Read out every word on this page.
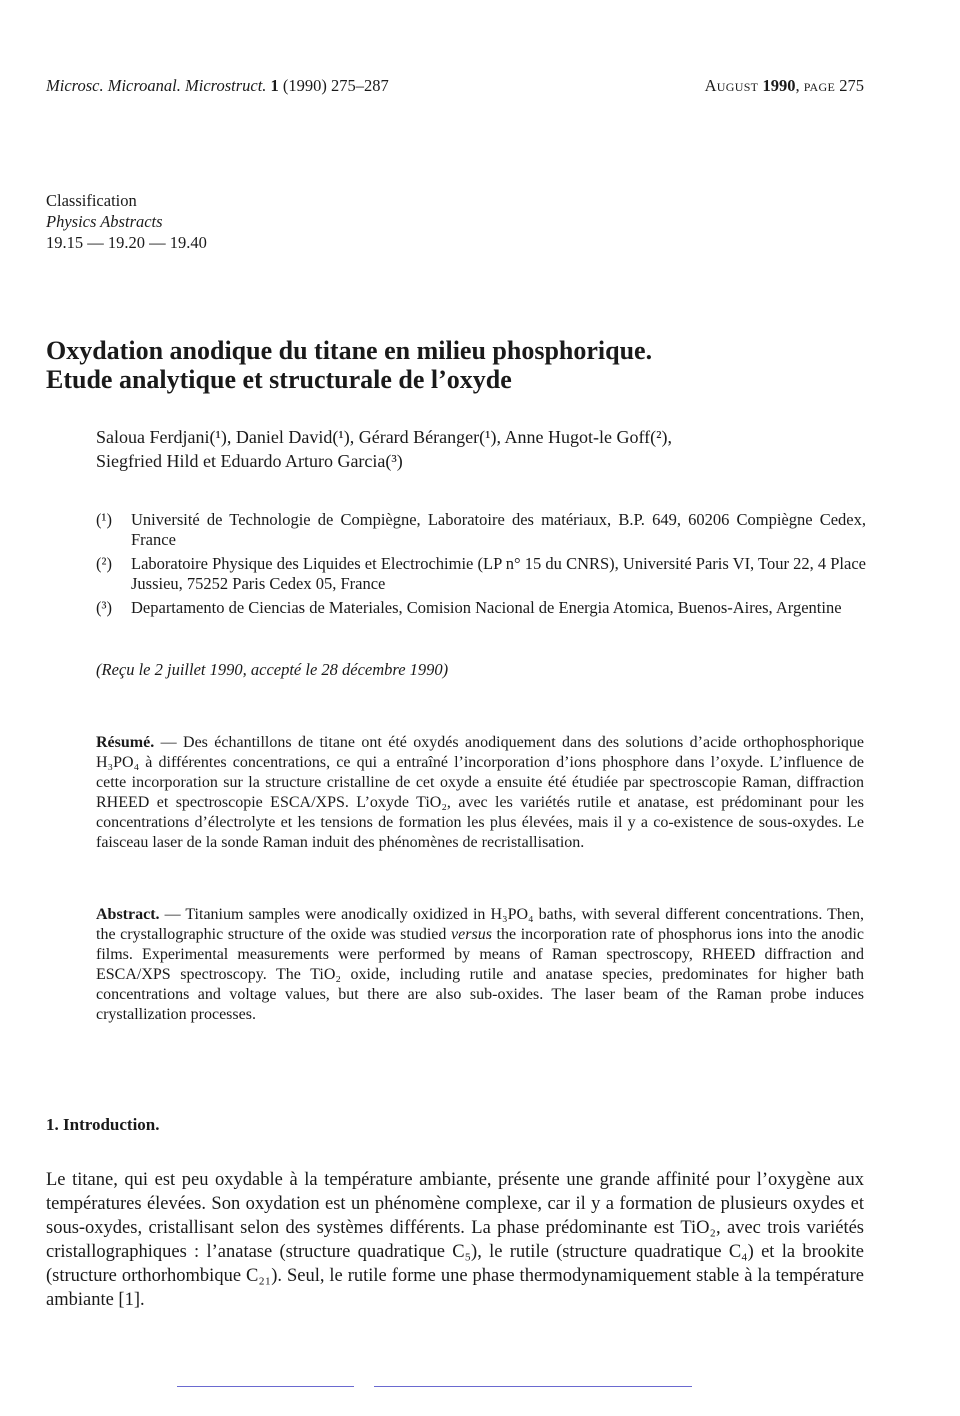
Microsc. Microanal. Microstruct. 1 (1990) 275–287	August 1990, page 275
Classification
Physics Abstracts
19.15 — 19.20 — 19.40
Oxydation anodique du titane en milieu phosphorique.
Etude analytique et structurale de l’oxyde
Saloua Ferdjani(¹), Daniel David(¹), Gérard Béranger(¹), Anne Hugot-le Goff(²),
Siegfried Hild et Eduardo Arturo Garcia(³)
(¹)	Université de Technologie de Compiègne, Laboratoire des matériaux, B.P. 649, 60206 Compiègne Cedex, France
(²)	Laboratoire Physique des Liquides et Electrochimie (LP n° 15 du CNRS), Université Paris VI, Tour 22, 4 Place Jussieu, 75252 Paris Cedex 05, France
(³)	Departamento de Ciencias de Materiales, Comision Nacional de Energia Atomica, Buenos-Aires, Argentine
(Reçu le 2 juillet 1990, accepté le 28 décembre 1990)
Résumé. — Des échantillons de titane ont été oxydés anodiquement dans des solutions d’acide orthophosphorique H₃PO₄ à différentes concentrations, ce qui a entraîné l’incorporation d’ions phosphore dans l’oxyde. L’influence de cette incorporation sur la structure cristalline de cet oxyde a ensuite été étudiée par spectroscopie Raman, diffraction RHEED et spectroscopie ESCA/XPS. L’oxyde TiO₂, avec les variétés rutile et anatase, est prédominant pour les concentrations d’électrolyte et les tensions de formation les plus élevées, mais il y a co-existence de sous-oxydes. Le faisceau laser de la sonde Raman induit des phénomènes de recristallisation.
Abstract. — Titanium samples were anodically oxidized in H₃PO₄ baths, with several different concentrations. Then, the crystallographic structure of the oxide was studied versus the incorporation rate of phosphorus ions into the anodic films. Experimental measurements were performed by means of Raman spectroscopy, RHEED diffraction and ESCA/XPS spectroscopy. The TiO₂ oxide, including rutile and anatase species, predominates for higher bath concentrations and voltage values, but there are also sub-oxides. The laser beam of the Raman probe induces crystallization processes.
1. Introduction.
Le titane, qui est peu oxydable à la température ambiante, présente une grande affinité pour l’oxygène aux températures élevées. Son oxydation est un phénomène complexe, car il y a formation de plusieurs oxydes et sous-oxydes, cristallisant selon des systèmes différents. La phase prédominante est TiO₂, avec trois variétés cristallographiques : l’anatase (structure quadratique C₅), le rutile (structure quadratique C₄) et la brookite (structure orthorhombique C₂₁). Seul, le rutile forme une phase thermodynamiquement stable à la température ambiante [1].
